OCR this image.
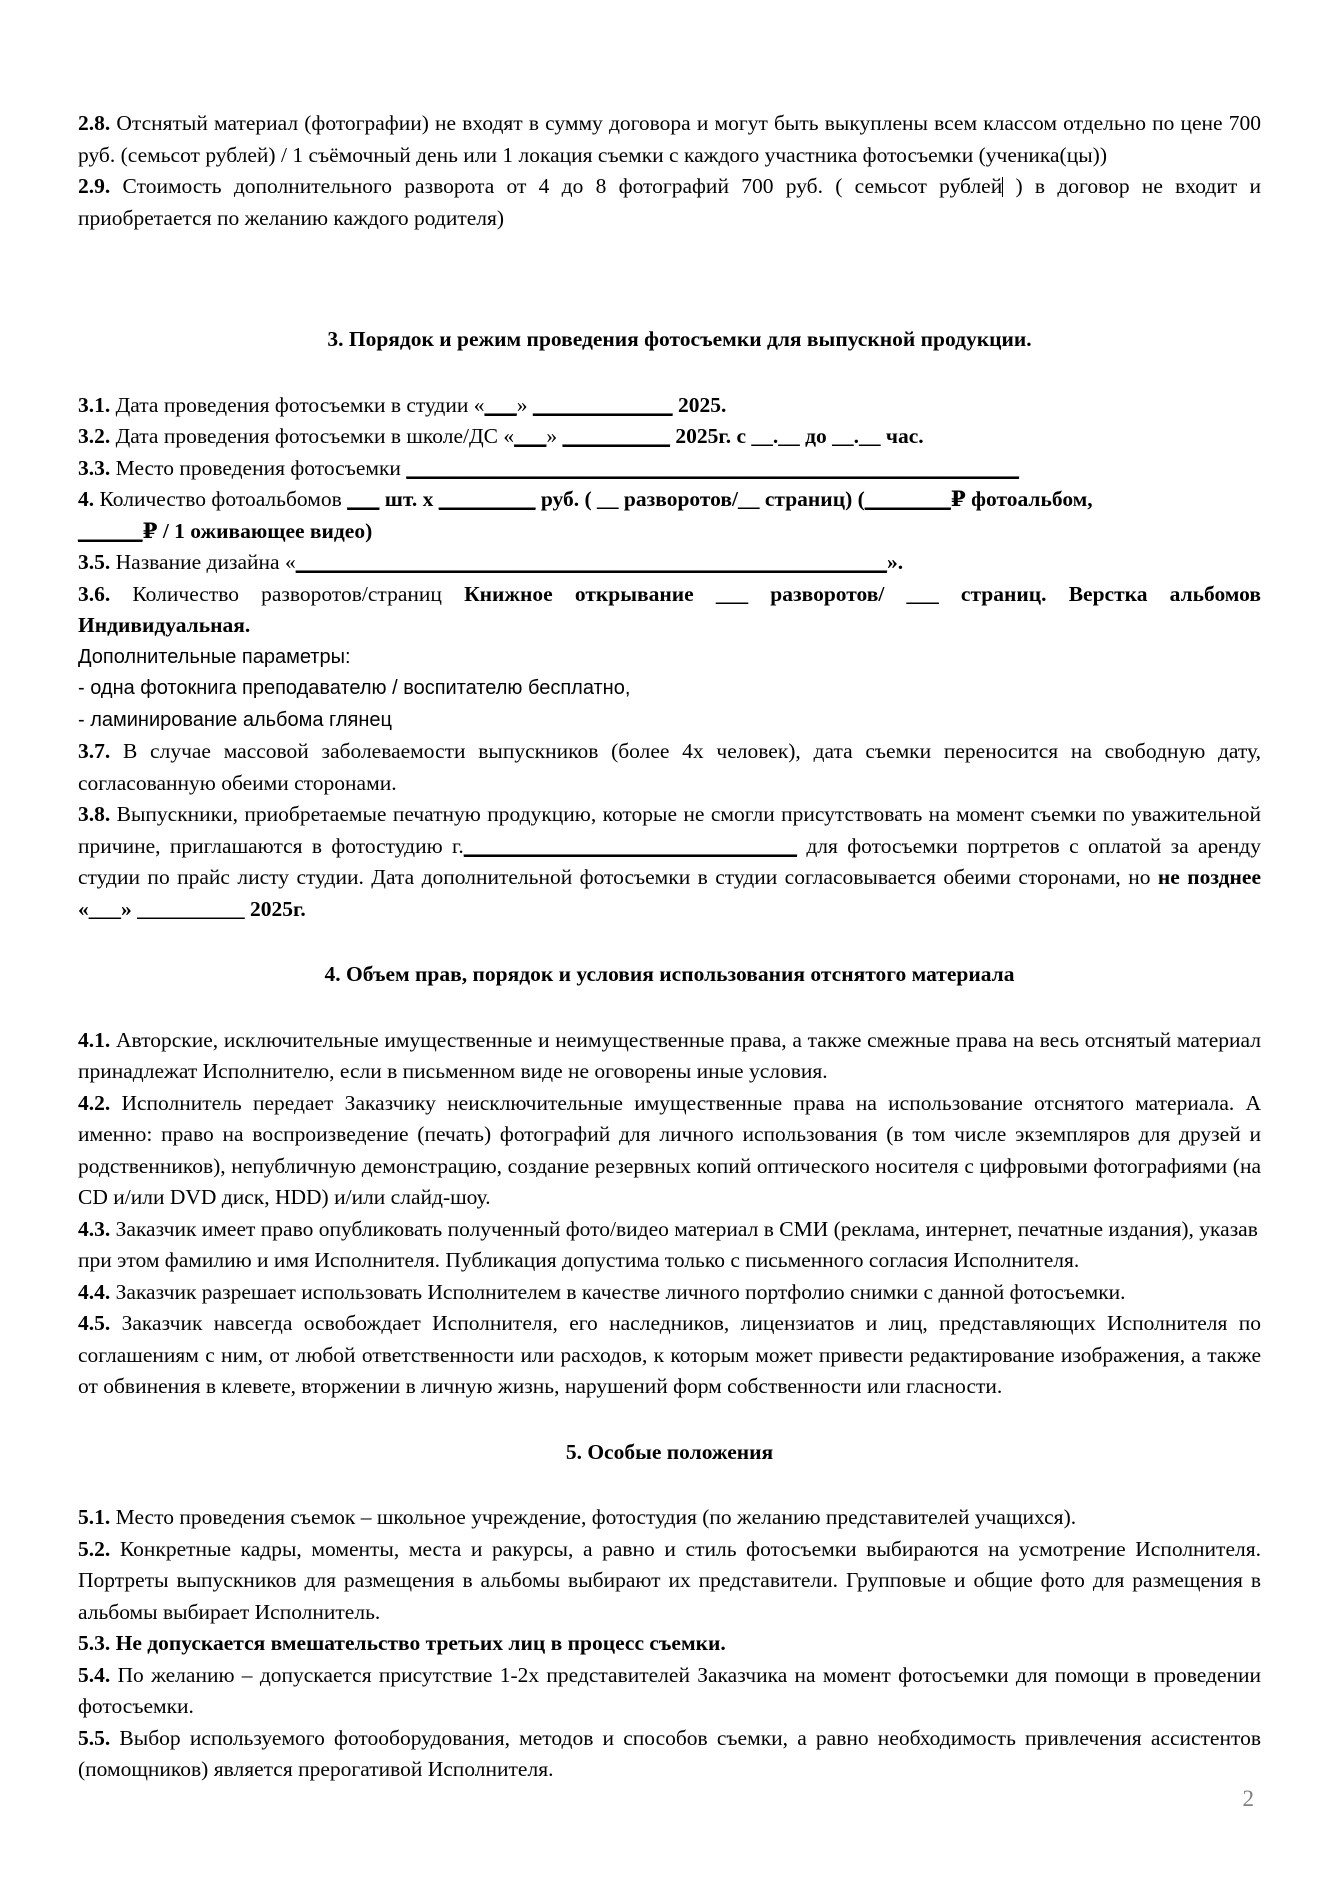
2.8. Отснятый материал (фотографии) не входят в сумму договора и могут быть выкуплены всем классом отдельно по цене 700 руб. (семьсот рублей) / 1 съёмочный день или 1 локация съемки с каждого участника фотосъемки (ученика(цы))

2.9. Стоимость дополнительного разворота от 4 до 8 фотографий 700 руб. ( семьсот рублей ) в договор не входит и приобретается по желанию каждого родителя)

3. Порядок и режим проведения фотосъемки для выпускной продукции.

3.1. Дата проведения фотосъемки в студии «___» _____________ 2025.

3.2. Дата проведения фотосъемки в школе/ДС «___» __________ 2025г. с __.__ до __.__ час.

3.3. Место проведения фотосъемки _________________________________________________________

4. Количество фотоальбомов ___ шт. х _________ руб. ( __ разворотов/__ страниц) (________₽ фотоальбом,

______₽ / 1 оживающее видео)

3.5. Название дизайна «_______________________________________________________».

3.6. Количество разворотов/страниц Книжное открывание ___ разворотов/ ___ страниц. Верстка альбомов Индивидуальная.

Дополнительные параметры:

- одна фотокнига преподавателю / воспитателю бесплатно,

- ламинирование альбома глянец

3.7. В случае массовой заболеваемости выпускников (более 4х человек), дата съемки переносится на свободную дату, согласованную обеими сторонами.

3.8. Выпускники, приобретаемые печатную продукцию, которые не смогли присутствовать на момент съемки по уважительной причине, приглашаются в фотостудию г._______________________________ для фотосъемки портретов с оплатой за аренду студии по прайс листу студии. Дата дополнительной фотосъемки в студии согласовывается обеими сторонами, но не позднее «___» __________ 2025г.

4. Объем прав, порядок и условия использования отснятого материала

4.1. Авторские, исключительные имущественные и неимущественные права, а также смежные права на весь отснятый материал принадлежат Исполнителю, если в письменном виде не оговорены иные условия.

4.2. Исполнитель передает Заказчику неисключительные имущественные права на использование отснятого материала. А именно: право на воспроизведение (печать) фотографий для личного использования (в том числе экземпляров для друзей и родственников), непубличную демонстрацию, создание резервных копий оптического носителя с цифровыми фотографиями (на CD и/или DVD диск, HDD) и/или слайд-шоу.

4.3. Заказчик имеет право опубликовать полученный фото/видео материал в СМИ (реклама, интернет, печатные издания), указав при этом фамилию и имя Исполнителя. Публикация допустима только с письменного согласия Исполнителя.

4.4. Заказчик разрешает использовать Исполнителем в качестве личного портфолио снимки с данной фотосъемки.

4.5. Заказчик навсегда освобождает Исполнителя, его наследников, лицензиатов и лиц, представляющих Исполнителя по соглашениям с ним, от любой ответственности или расходов, к которым может привести редактирование изображения, а также от обвинения в клевете, вторжении в личную жизнь, нарушений форм собственности или гласности.

5. Особые положения

5.1. Место проведения съемок – школьное учреждение, фотостудия (по желанию представителей учащихся).

5.2. Конкретные кадры, моменты, места и ракурсы, а равно и стиль фотосъемки выбираются на усмотрение Исполнителя. Портреты выпускников для размещения в альбомы выбирают их представители. Групповые и общие фото для размещения в альбомы выбирает Исполнитель.

5.3. Не допускается вмешательство третьих лиц в процесс съемки.

5.4. По желанию – допускается присутствие 1-2х представителей Заказчика на момент фотосъемки для помощи в проведении фотосъемки.

5.5. Выбор используемого фотооборудования, методов и способов съемки, а равно необходимость привлечения ассистентов (помощников) является прерогативой Исполнителя.

2
